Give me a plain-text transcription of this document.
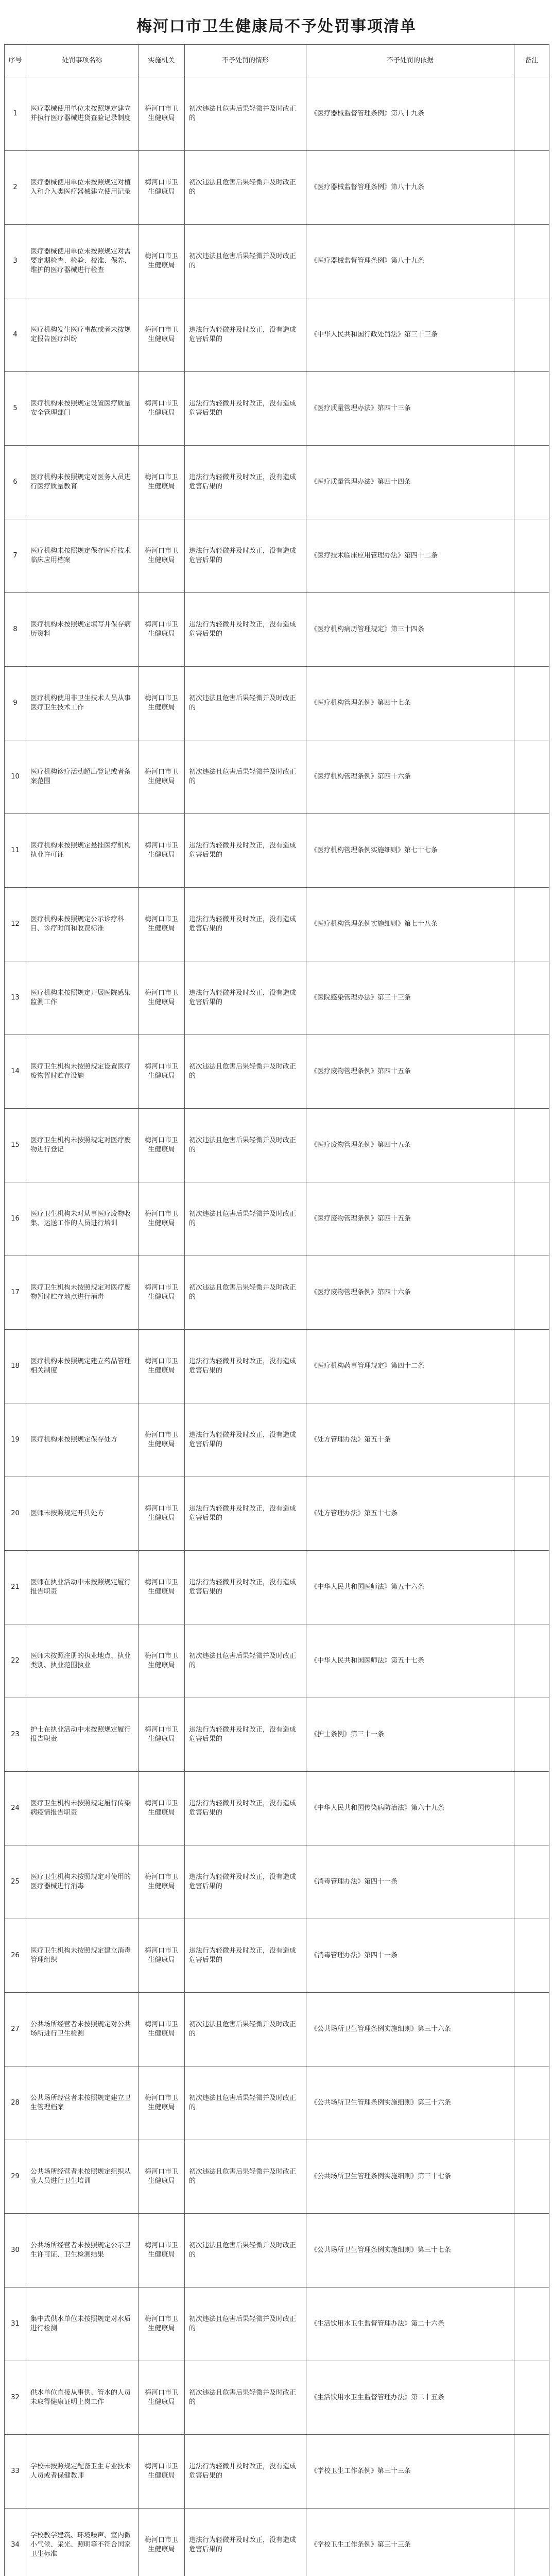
梅河口市卫生健康局不予处罚事项清单
序号	处罚事项名称	实施机关	不予处罚的情形	不予处罚的依据	备注
1	医疗器械使用单位未按照规定建立并执行医疗器械进货查验记录制度	梅河口市卫生健康局	初次违法且危害后果轻微并及时改正的	《医疗器械监督管理条例》第八十九条	
2	医疗器械使用单位未按照规定对植入和介入类医疗器械建立使用记录	梅河口市卫生健康局	初次违法且危害后果轻微并及时改正的	《医疗器械监督管理条例》第八十九条	
3	医疗器械使用单位未按照规定对需要定期检查、检验、校准、保养、维护的医疗器械进行检查	梅河口市卫生健康局	初次违法且危害后果轻微并及时改正的	《医疗器械监督管理条例》第八十九条	
4	医疗机构发生医疗事故或者未按规定报告医疗纠纷	梅河口市卫生健康局	违法行为轻微并及时改正，没有造成危害后果的	《中华人民共和国行政处罚法》第三十三条	
5	医疗机构未按照规定设置医疗质量安全管理部门	梅河口市卫生健康局	违法行为轻微并及时改正，没有造成危害后果的	《医疗质量管理办法》第四十三条	
6	医疗机构未按照规定对医务人员进行医疗质量教育	梅河口市卫生健康局	违法行为轻微并及时改正，没有造成危害后果的	《医疗质量管理办法》第四十四条	
7	医疗机构未按照规定保存医疗技术临床应用档案	梅河口市卫生健康局	违法行为轻微并及时改正，没有造成危害后果的	《医疗技术临床应用管理办法》第四十二条	
8	医疗机构未按照规定填写并保存病历资料	梅河口市卫生健康局	违法行为轻微并及时改正，没有造成危害后果的	《医疗机构病历管理规定》第三十四条	
9	医疗机构使用非卫生技术人员从事医疗卫生技术工作	梅河口市卫生健康局	初次违法且危害后果轻微并及时改正的	《医疗机构管理条例》第四十七条	
10	医疗机构诊疗活动超出登记或者备案范围	梅河口市卫生健康局	初次违法且危害后果轻微并及时改正的	《医疗机构管理条例》第四十六条	
11	医疗机构未按照规定悬挂医疗机构执业许可证	梅河口市卫生健康局	违法行为轻微并及时改正，没有造成危害后果的	《医疗机构管理条例实施细则》第七十七条	
12	医疗机构未按照规定公示诊疗科目、诊疗时间和收费标准	梅河口市卫生健康局	违法行为轻微并及时改正，没有造成危害后果的	《医疗机构管理条例实施细则》第七十八条	
13	医疗机构未按照规定开展医院感染监测工作	梅河口市卫生健康局	违法行为轻微并及时改正，没有造成危害后果的	《医院感染管理办法》第三十三条	
14	医疗卫生机构未按照规定设置医疗废物暂时贮存设施	梅河口市卫生健康局	初次违法且危害后果轻微并及时改正的	《医疗废物管理条例》第四十五条	
15	医疗卫生机构未按照规定对医疗废物进行登记	梅河口市卫生健康局	初次违法且危害后果轻微并及时改正的	《医疗废物管理条例》第四十五条	
16	医疗卫生机构未对从事医疗废物收集、运送工作的人员进行培训	梅河口市卫生健康局	初次违法且危害后果轻微并及时改正的	《医疗废物管理条例》第四十五条	
17	医疗卫生机构未按照规定对医疗废物暂时贮存地点进行消毒	梅河口市卫生健康局	初次违法且危害后果轻微并及时改正的	《医疗废物管理条例》第四十六条	
18	医疗机构未按照规定建立药品管理相关制度	梅河口市卫生健康局	违法行为轻微并及时改正，没有造成危害后果的	《医疗机构药事管理规定》第四十二条	
19	医疗机构未按照规定保存处方	梅河口市卫生健康局	违法行为轻微并及时改正，没有造成危害后果的	《处方管理办法》第五十条	
20	医师未按照规定开具处方	梅河口市卫生健康局	违法行为轻微并及时改正，没有造成危害后果的	《处方管理办法》第五十七条	
21	医师在执业活动中未按照规定履行报告职责	梅河口市卫生健康局	违法行为轻微并及时改正，没有造成危害后果的	《中华人民共和国医师法》第五十六条	
22	医师未按照注册的执业地点、执业类别、执业范围执业	梅河口市卫生健康局	初次违法且危害后果轻微并及时改正的	《中华人民共和国医师法》第五十七条	
23	护士在执业活动中未按照规定履行报告职责	梅河口市卫生健康局	违法行为轻微并及时改正，没有造成危害后果的	《护士条例》第三十一条	
24	医疗卫生机构未按照规定履行传染病疫情报告职责	梅河口市卫生健康局	违法行为轻微并及时改正，没有造成危害后果的	《中华人民共和国传染病防治法》第六十九条	
25	医疗卫生机构未按照规定对使用的医疗器械进行消毒	梅河口市卫生健康局	违法行为轻微并及时改正，没有造成危害后果的	《消毒管理办法》第四十一条	
26	医疗卫生机构未按照规定建立消毒管理组织	梅河口市卫生健康局	违法行为轻微并及时改正，没有造成危害后果的	《消毒管理办法》第四十一条	
27	公共场所经营者未按照规定对公共场所进行卫生检测	梅河口市卫生健康局	初次违法且危害后果轻微并及时改正的	《公共场所卫生管理条例实施细则》第三十六条	
28	公共场所经营者未按照规定建立卫生管理档案	梅河口市卫生健康局	初次违法且危害后果轻微并及时改正的	《公共场所卫生管理条例实施细则》第三十六条	
29	公共场所经营者未按照规定组织从业人员进行卫生培训	梅河口市卫生健康局	初次违法且危害后果轻微并及时改正的	《公共场所卫生管理条例实施细则》第三十七条	
30	公共场所经营者未按照规定公示卫生许可证、卫生检测结果	梅河口市卫生健康局	初次违法且危害后果轻微并及时改正的	《公共场所卫生管理条例实施细则》第三十七条	
31	集中式供水单位未按照规定对水质进行检测	梅河口市卫生健康局	初次违法且危害后果轻微并及时改正的	《生活饮用水卫生监督管理办法》第二十六条	
32	供水单位直接从事供、管水的人员未取得健康证明上岗工作	梅河口市卫生健康局	初次违法且危害后果轻微并及时改正的	《生活饮用水卫生监督管理办法》第二十五条	
33	学校未按照规定配备卫生专业技术人员或者保健教师	梅河口市卫生健康局	违法行为轻微并及时改正，没有造成危害后果的	《学校卫生工作条例》第三十三条	
34	学校教学建筑、环境噪声、室内微小气候、采光、照明等不符合国家卫生标准	梅河口市卫生健康局	违法行为轻微并及时改正，没有造成危害后果的	《学校卫生工作条例》第三十三条	
